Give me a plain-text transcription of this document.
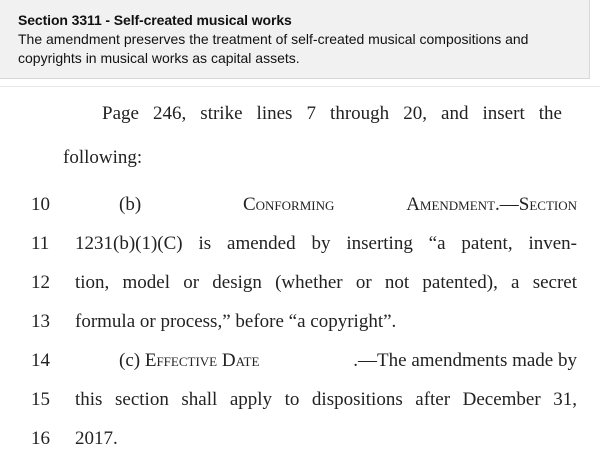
Section 3311 - Self-created musical works
The amendment preserves the treatment of self-created musical compositions and copyrights in musical works as capital assets.
Page 246, strike lines 7 through 20, and insert the
following:
10	(b)	Conforming	Amendment.—Section
11	1231(b)(1)(C) is amended by inserting “a patent, inven-
12	tion, model or design (whether or not patented), a secret
13	formula or process,” before “a copyright”.
14	(c) Effective Date	.—The amendments made by
15	this section shall apply to dispositions after December 31,
16	2017.
